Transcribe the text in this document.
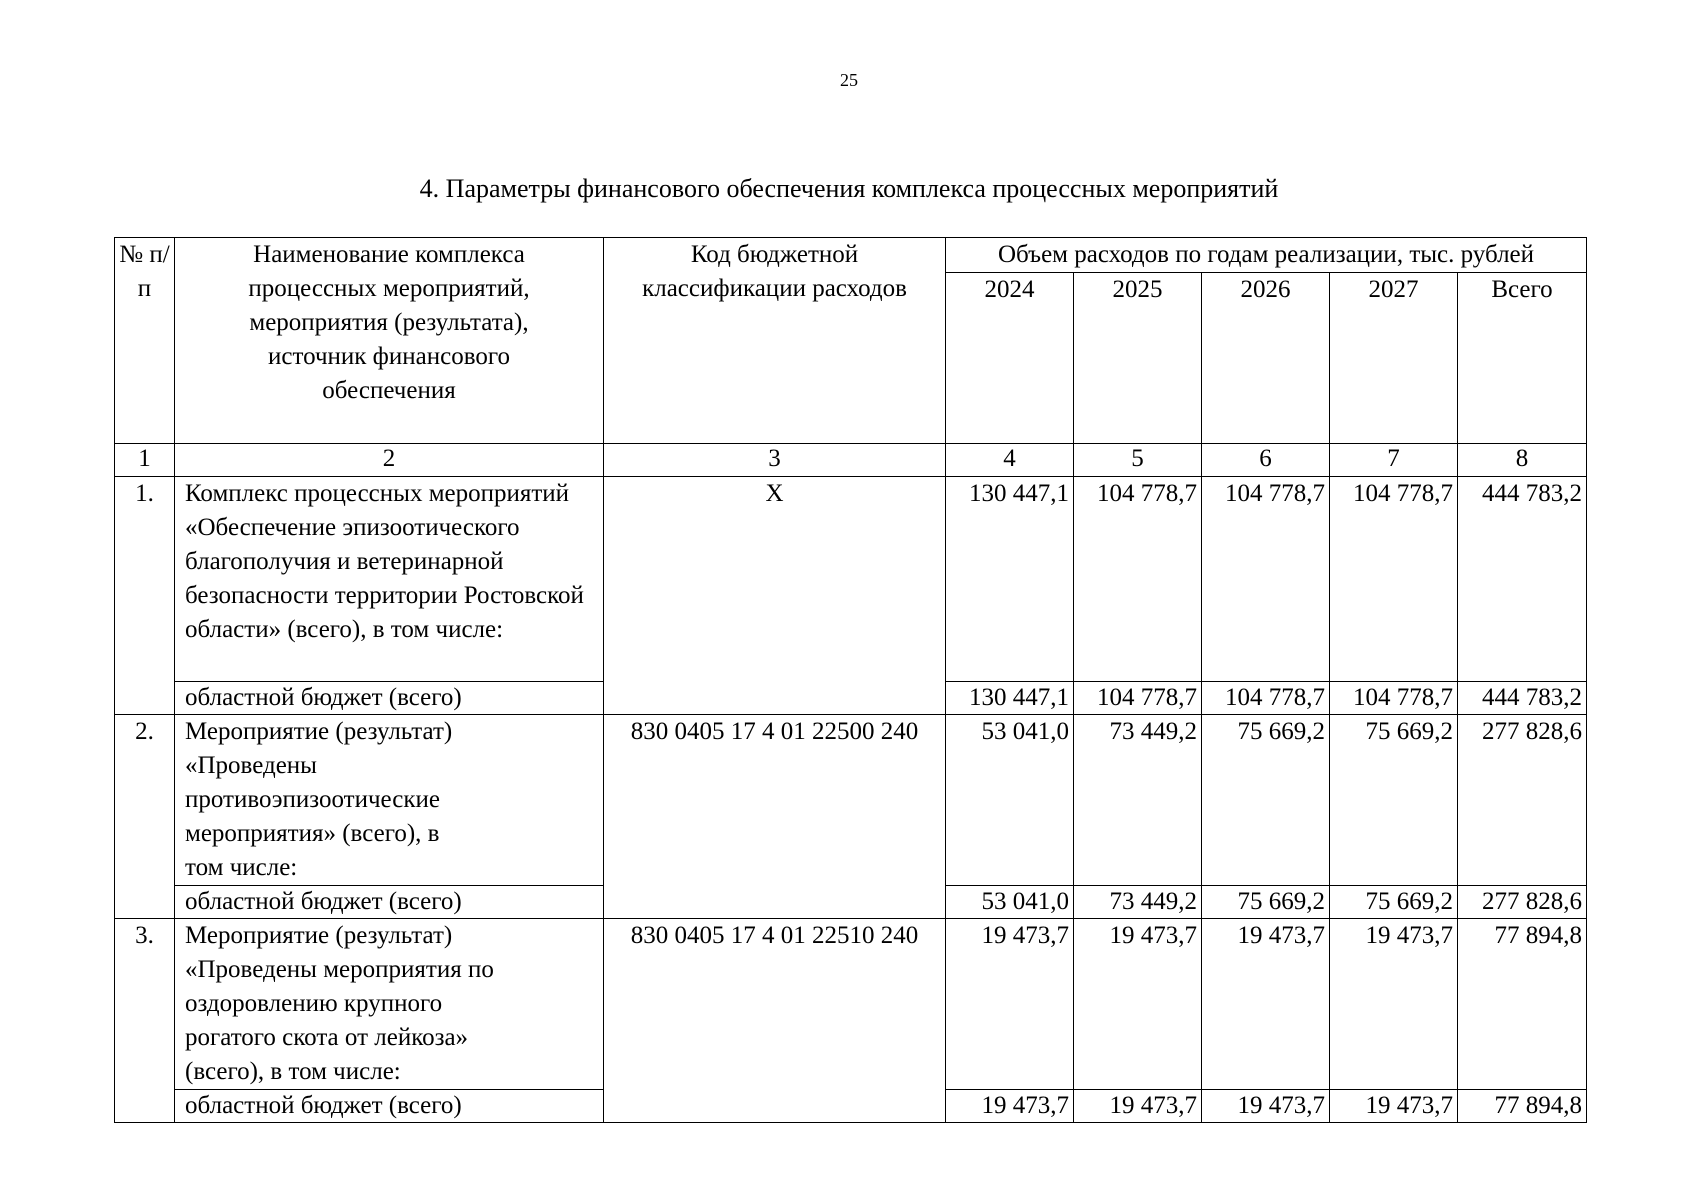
25
4. Параметры финансового обеспечения комплекса процессных мероприятий
№ п/п	Наименование комплекса процессных мероприятий, мероприятия (результата), источник финансового обеспечения	Код бюджетной классификации расходов	Объем расходов по годам реализации, тыс. рублей				
			2024	2025	2026	2027	Всего
1	2	3	4	5	6	7	8
1.	Комплекс процессных мероприятий «Обеспечение эпизоотического благополучия и ветеринарной безопасности территории Ростовской области» (всего), в том числе:	X	130 447,1	104 778,7	104 778,7	104 778,7	444 783,2
	областной бюджет (всего)		130 447,1	104 778,7	104 778,7	104 778,7	444 783,2
2.	Мероприятие (результат) «Проведены противоэпизоотические мероприятия» (всего), в том числе:	830 0405 17 4 01 22500 240	53 041,0	73 449,2	75 669,2	75 669,2	277 828,6
	областной бюджет (всего)		53 041,0	73 449,2	75 669,2	75 669,2	277 828,6
3.	Мероприятие (результат) «Проведены мероприятия по оздоровлению крупного рогатого скота от лейкоза» (всего), в том числе:	830 0405 17 4 01 22510 240	19 473,7	19 473,7	19 473,7	19 473,7	77 894,8
	областной бюджет (всего)		19 473,7	19 473,7	19 473,7	19 473,7	77 894,8
